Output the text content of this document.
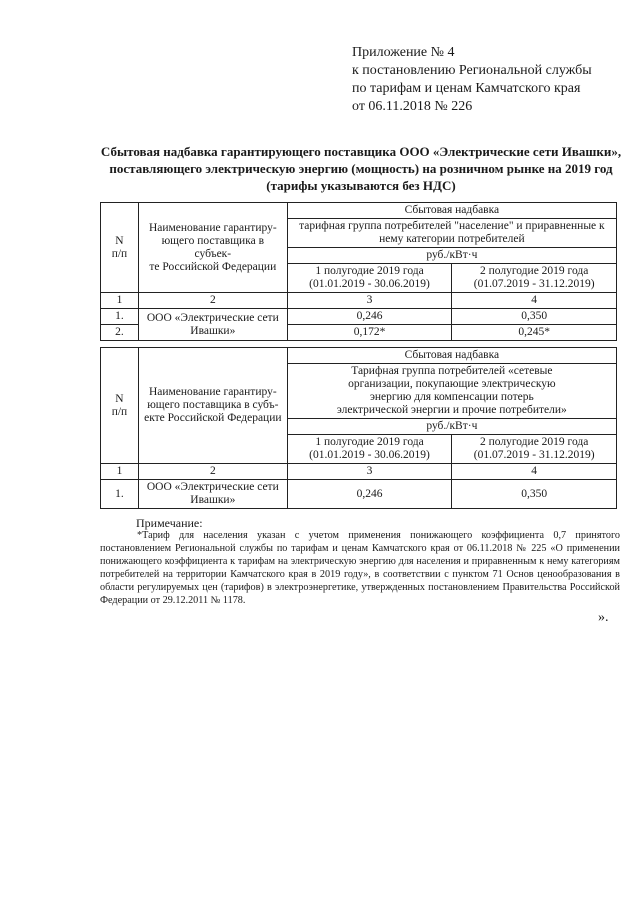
Приложение № 4
к постановлению Региональной службы
по тарифам и ценам Камчатского края
от 06.11.2018 № 226
Сбытовая надбавка гарантирующего поставщика ООО «Электрические сети Ивашки»,
поставляющего электрическую энергию (мощность) на розничном рынке на 2019 год
(тарифы указываются без НДС)
N
п/п	Наименование гарантиру-
ющего поставщика в субъек-
те Российской Федерации	Сбытовая надбавка	

		тарифная группа потребителей "население" и приравненные к
нему категории потребителей	

		руб./кВт·ч	

		1 полугодие 2019 года
(01.01.2019 - 30.06.2019)	2 полугодие 2019 года
(01.07.2019 - 31.12.2019)

1	2	3	4
1.	ООО «Электрические сети
Ивашки»	0,246	0,350
2.		0,172*	0,245*
N
п/п	Наименование гарантиру-
ющего поставщика в субъ-
екте Российской Федерации	Сбытовая надбавка	

		Тарифная группа потребителей «сетевые
организации, покупающие электрическую
энергию для компенсации потерь
электрической энергии и прочие потребители»	

		руб./кВт·ч	

		1 полугодие 2019 года
(01.01.2019 - 30.06.2019)	2 полугодие 2019 года
(01.07.2019 - 31.12.2019)

1	2	3	4
1.	ООО «Электрические сети
Ивашки»	0,246	0,350
Примечание:
*Тариф для населения указан с учетом применения понижающего коэффициента 0,7 принятого постановлением Региональной службы по тарифам и ценам Камчатского края от 06.11.2018 № 225 «О применении понижающего коэффициента к тарифам на электрическую энергию для населения и приравненным к нему категориям потребителей на территории Камчатского края в 2019 году», в соответствии с пунктом 71 Основ ценообразования в области регулируемых цен (тарифов) в электроэнергетике, утвержденных постановлением Правительства Российской Федерации от 29.12.2011 № 1178.
».
